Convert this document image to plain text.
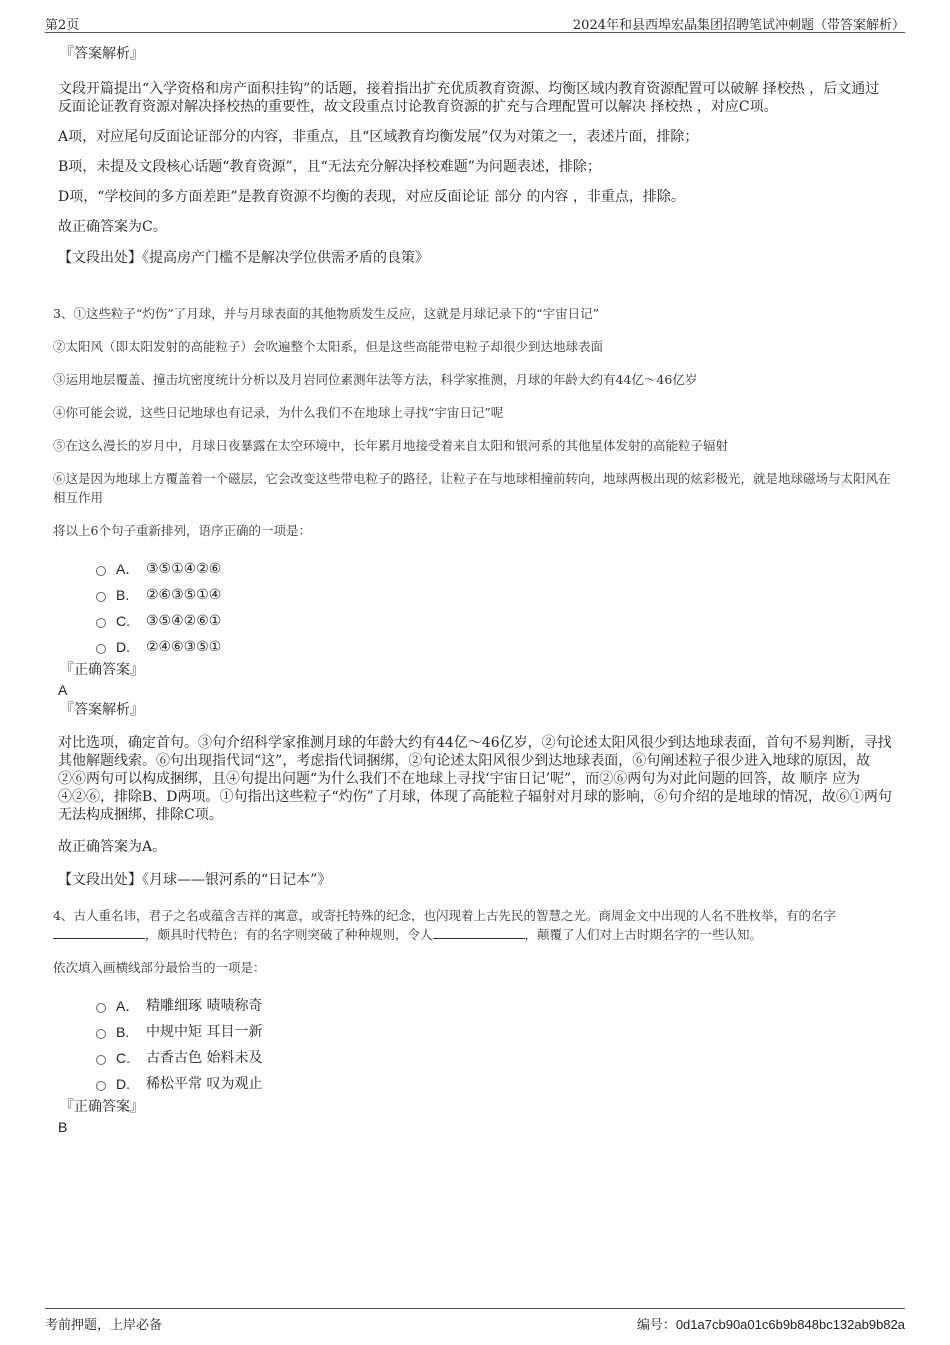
第2页	2024年和县西埠宏晶集团招聘笔试冲刺题（带答案解析）
『答案解析』
文段开篇提出“入学资格和房产面积挂钩”的话题，接着指出扩充优质教育资源、均衡区域内教育资源配置可以破解 择校热 ，后文通过反面论证教育资源对解决择校热的重要性，故文段重点讨论教育资源的扩充与合理配置可以解决 择校热 ，对应C项。
A项，对应尾句反面论证部分的内容，非重点，且“区域教育均衡发展”仅为对策之一，表述片面，排除；
B项，未提及文段核心话题“教育资源”，且“无法充分解决择校难题”为问题表述，排除；
D项，“学校间的多方面差距”是教育资源不均衡的表现，对应反面论证 部分 的内容 ，非重点，排除。
故正确答案为C。
【文段出处】《提高房产门槛不是解决学位供需矛盾的良策》
3、①这些粒子“灼伤”了月球，并与月球表面的其他物质发生反应，这就是月球记录下的“宇宙日记”
②太阳风（即太阳发射的高能粒子）会吹遍整个太阳系，但是这些高能带电粒子却很少到达地球表面
③运用地层覆盖、撞击坑密度统计分析以及月岩同位素测年法等方法，科学家推测，月球的年龄大约有44亿～46亿岁
④你可能会说，这些日记地球也有记录，为什么我们不在地球上寻找“宇宙日记”呢
⑤在这么漫长的岁月中，月球日夜暴露在太空环境中，长年累月地接受着来自太阳和银河系的其他星体发射的高能粒子辐射
⑥这是因为地球上方覆盖着一个磁层，它会改变这些带电粒子的路径，让粒子在与地球相撞前转向，地球两极出现的炫彩极光，就是地球磁场与太阳风在相互作用
将以上6个句子重新排列，语序正确的一项是：
A． ③⑤①④②⑥
B.	②⑥③⑤①④
C.	③⑤④②⑥①
D.	②④⑥③⑤①
『正确答案』
A
『答案解析』
对比选项，确定首句。③句介绍科学家推测月球的年龄大约有44亿～46亿岁，②句论述太阳风很少到达地球表面，首句不易判断，寻找其他解题线索。⑥句出现指代词“这”，考虑指代词捆绑，②句论述太阳风很少到达地球表面，⑥句阐述粒子很少进入地球的原因，故②⑥两句可以构成捆绑，且④句提出问题“为什么我们不在地球上寻找‘宇宙日记’呢”，而②⑥两句为对此问题的回答，故 顺序 应为④②⑥，排除B、D两项。①句指出这些粒子“灼伤”了月球，体现了高能粒子辐射对月球的影响，⑥句介绍的是地球的情况，故⑥①两句无法构成捆绑，排除C项。
故正确答案为A。
【文段出处】《月球——银河系的“日记本”》
4、古人重名讳，君子之名或蕴含吉祥的寓意，或寄托特殊的纪念，也闪现着上古先民的智慧之光。商周金文中出现的人名不胜枚举，有的名字，颇具时代特色；有的名字则突破了种种规则，令人	，颠覆了人们对上古时期名字的一些认知。
依次填入画横线部分最恰当的一项是：
A． 精雕细琢 啧啧称奇
B.	中规中矩 耳目一新
C.	古香古色 始料未及
D.	稀松平常 叹为观止
『正确答案』
B
考前押题，上岸必备	编号：0d1a7cb90a01c6b9b848bc132ab9b82a
